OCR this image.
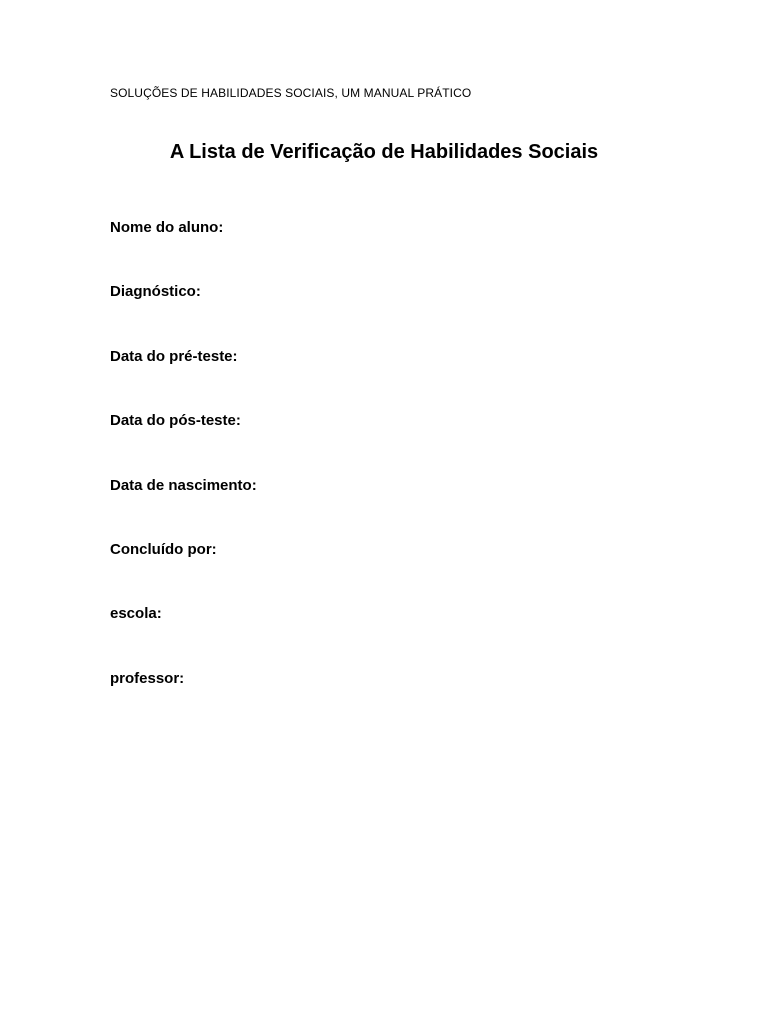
SOLUÇÕES DE HABILIDADES SOCIAIS, UM MANUAL PRÁTICO
A Lista de Verificação de Habilidades Sociais
Nome do aluno:
Diagnóstico:
Data do pré-teste:
Data do pós-teste:
Data de nascimento:
Concluído por:
escola:
professor:
